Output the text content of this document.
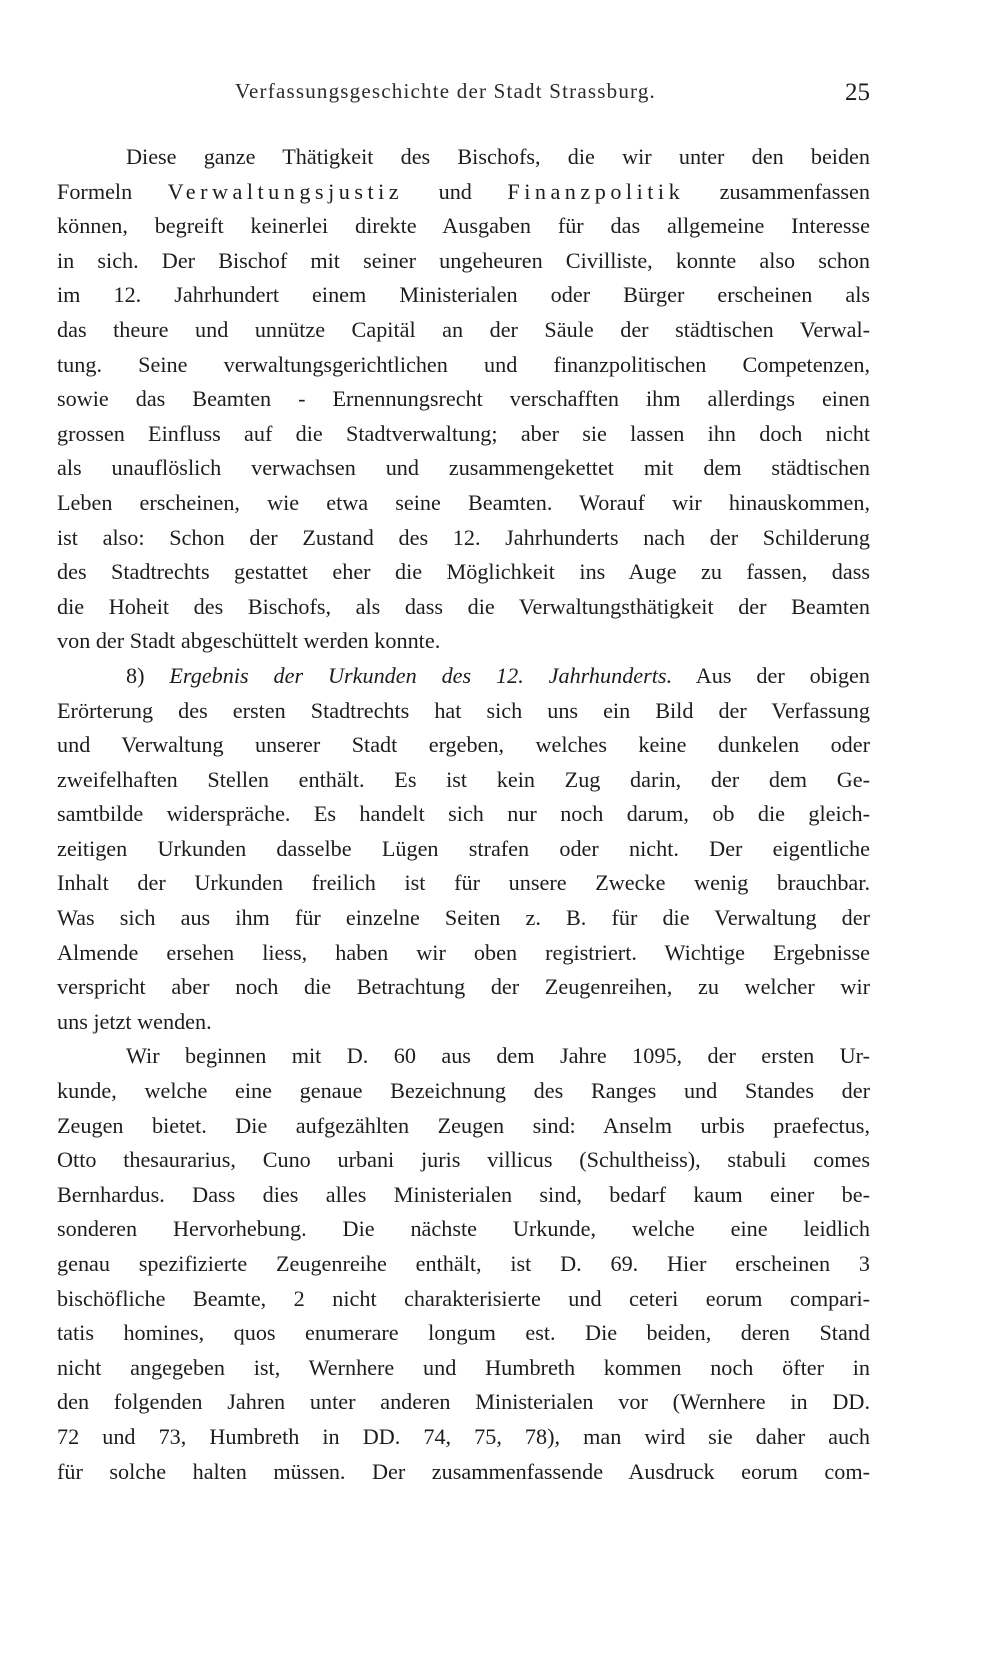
Verfassungsgeschichte der Stadt Strassburg.	25
Diese ganze Thätigkeit des Bischofs, die wir unter den beiden
Formeln Verwaltungsjustiz und Finanzpolitik zusammenfassen
können, begreift keinerlei direkte Ausgaben für das allgemeine Interesse
in sich. Der Bischof mit seiner ungeheuren Civilliste, konnte also schon
im 12. Jahrhundert einem Ministerialen oder Bürger erscheinen als
das theure und unnütze Capitäl an der Säule der städtischen Verwal-
tung. Seine verwaltungsgerichtlichen und finanzpolitischen Competenzen,
sowie das Beamten - Ernennungsrecht verschafften ihm allerdings einen
grossen Einfluss auf die Stadtverwaltung; aber sie lassen ihn doch nicht
als unauflöslich verwachsen und zusammengekettet mit dem städtischen
Leben erscheinen, wie etwa seine Beamten. Worauf wir hinauskommen,
ist also: Schon der Zustand des 12. Jahrhunderts nach der Schilderung
des Stadtrechts gestattet eher die Möglichkeit ins Auge zu fassen, dass
die Hoheit des Bischofs, als dass die Verwaltungsthätigkeit der Beamten
von der Stadt abgeschüttelt werden konnte.
8) Ergebnis der Urkunden des 12. Jahrhunderts. Aus der obigen
Erörterung des ersten Stadtrechts hat sich uns ein Bild der Verfassung
und Verwaltung unserer Stadt ergeben, welches keine dunkelen oder
zweifelhaften Stellen enthält. Es ist kein Zug darin, der dem Ge-
samtbilde widerspräche. Es handelt sich nur noch darum, ob die gleich-
zeitigen Urkunden dasselbe Lügen strafen oder nicht. Der eigentliche
Inhalt der Urkunden freilich ist für unsere Zwecke wenig brauchbar.
Was sich aus ihm für einzelne Seiten z. B. für die Verwaltung der
Almende ersehen liess, haben wir oben registriert. Wichtige Ergebnisse
verspricht aber noch die Betrachtung der Zeugenreihen, zu welcher wir
uns jetzt wenden.
Wir beginnen mit D. 60 aus dem Jahre 1095, der ersten Ur-
kunde, welche eine genaue Bezeichnung des Ranges und Standes der
Zeugen bietet. Die aufgezählten Zeugen sind: Anselm urbis praefectus,
Otto thesaurarius, Cuno urbani juris villicus (Schultheiss), stabuli comes
Bernhardus. Dass dies alles Ministerialen sind, bedarf kaum einer be-
sonderen Hervorhebung. Die nächste Urkunde, welche eine leidlich
genau spezifizierte Zeugenreihe enthält, ist D. 69. Hier erscheinen 3
bischöfliche Beamte, 2 nicht charakterisierte und ceteri eorum compari-
tatis homines, quos enumerare longum est. Die beiden, deren Stand
nicht angegeben ist, Wernhere und Humbreth kommen noch öfter in
den folgenden Jahren unter anderen Ministerialen vor (Wernhere in DD.
72 und 73, Humbreth in DD. 74, 75, 78), man wird sie daher auch
für solche halten müssen. Der zusammenfassende Ausdruck eorum com-
